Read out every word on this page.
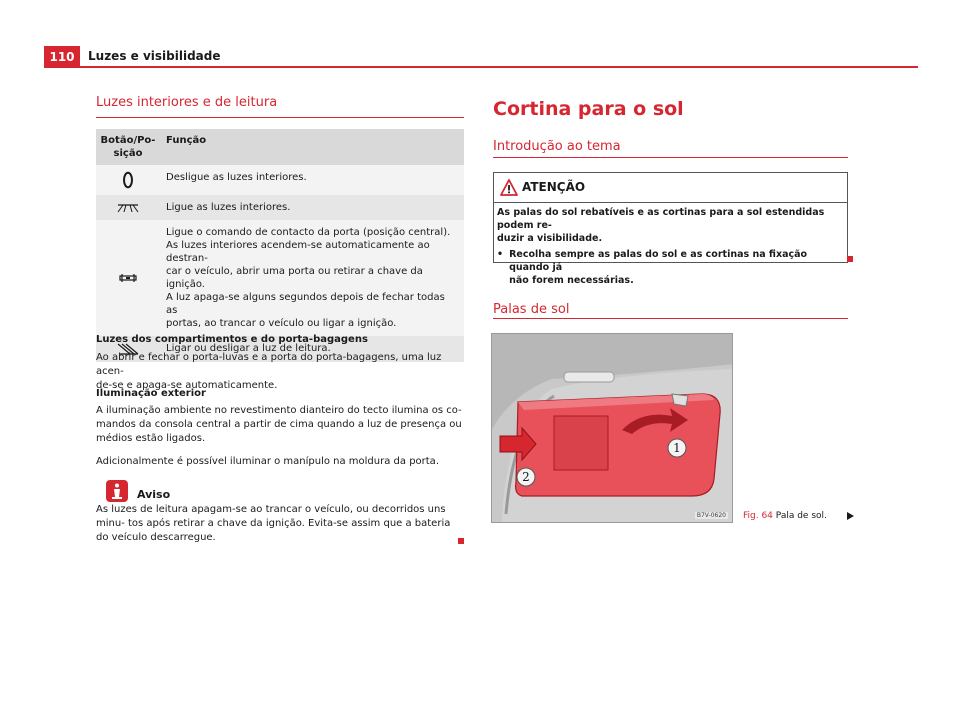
110	Luzes e visibilidade
Luzes interiores e de leitura
Botão/Po-
sição	Função

	Desligue as luzes interiores.

	Ligue as luzes interiores.

	Ligue o comando de contacto da porta (posição central).
As luzes interiores acendem-se automaticamente ao destran-
car o veículo, abrir uma porta ou retirar a chave da ignição.
A luz apaga-se alguns segundos depois de fechar todas as
portas, ao trancar o veículo ou ligar a ignição.

	Ligar ou desligar a luz de leitura.
Luzes dos compartimentos e do porta-bagagens
Ao abrir e fechar o porta-luvas e a porta do porta-bagagens, uma luz acen-
de-se e apaga-se automaticamente.
Iluminação exterior
A iluminação ambiente no revestimento dianteiro do tecto ilumina os co-
mandos da consola central a partir de cima quando a luz de presença ou
médios estão ligados.
Adicionalmente é possível iluminar o manípulo na moldura da porta.
Aviso
As luzes de leitura apagam-se ao trancar o veículo, ou decorridos uns minu- tos após retirar a chave da ignição. Evita-se assim que a bateria do veículo descarregue.
Cortina para o sol
Introdução ao tema
ATENÇÃO
As palas do sol rebatíveis e as cortinas para a sol estendidas podem re-
duzir a visibilidade.
• Recolha sempre as palas do sol e as cortinas na fixação quando já
não forem necessárias.
Palas de sol
1
2
B7V-0620 Fig. 64 Pala de sol.
